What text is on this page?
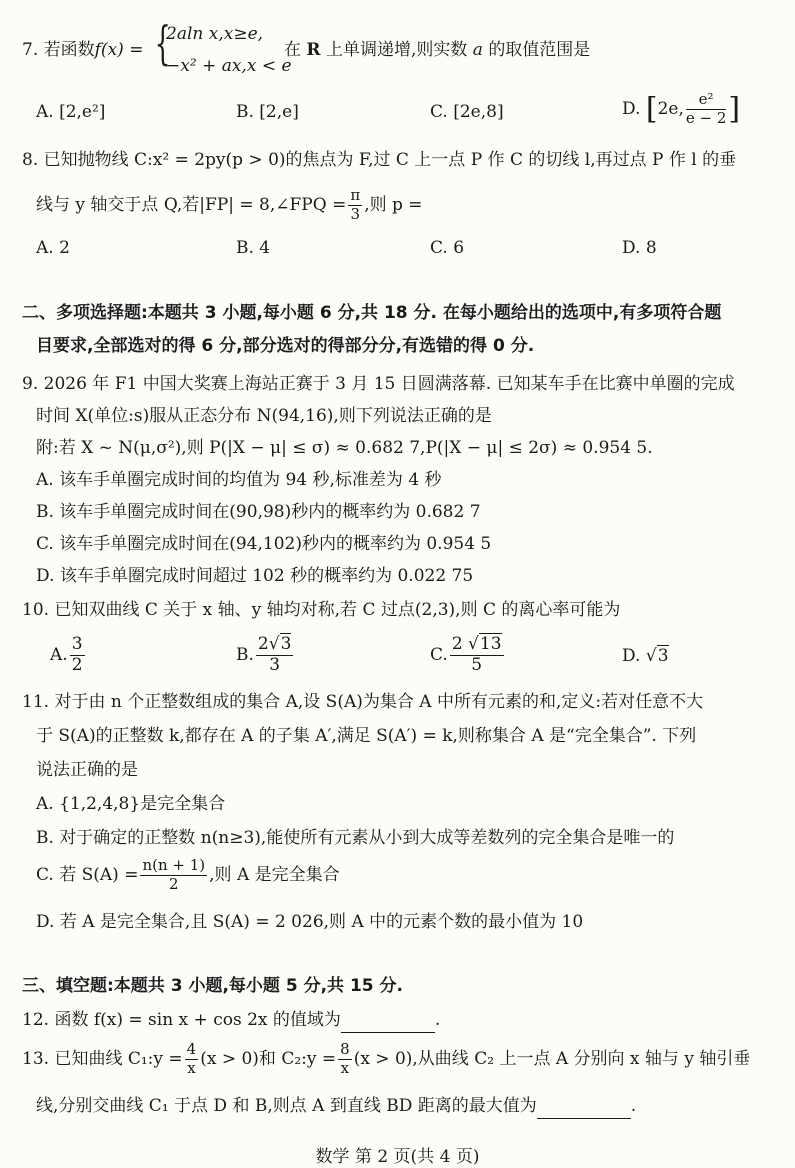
7. 若函数f(x) = {
2aln x,x≥e,
−x² + ax,x < e
在 R 上单调递增,则实数 a 的取值范围是
A. [2,e²]	B. [2,e]	C. [2e,8]	D. [2e, $\frac{\text{e²}}{e - 2}$ ]
8. 已知抛物线 C:x² = 2py(p > 0)的焦点为 F,过 C 上一点 P 作 C 的切线 l,再过点 P 作 l 的垂
线与 y 轴交于点 Q,若|FP| = 8,∠FPQ = $\frac{\pi}{3}$ ,则 p =
A. 2	B. 4	C. 6	D. 8
二、多项选择题:本题共 3 小题,每小题 6 分,共 18 分. 在每小题给出的选项中,有多项符合题
目要求,全部选对的得 6 分,部分选对的得部分分,有选错的得 0 分.
9. 2026 年 F1 中国大奖赛上海站正赛于 3 月 15 日圆满落幕. 已知某车手在比赛中单圈的完成
时间 X(单位:s)服从正态分布 N(94,16),则下列说法正确的是
附:若 X ~ N(μ,σ²),则 P(|X − μ| ≤ σ) ≈ 0.682 7,P(|X − μ| ≤ 2σ) ≈ 0.954 5.
A. 该车手单圈完成时间的均值为 94 秒,标准差为 4 秒
B. 该车手单圈完成时间在(90,98)秒内的概率约为 0.682 7
C. 该车手单圈完成时间在(94,102)秒内的概率约为 0.954 5
D. 该车手单圈完成时间超过 102 秒的概率约为 0.022 75
10. 已知双曲线 C 关于 x 轴、y 轴均对称,若 C 过点(2,3),则 C 的离心率可能为
A. $\frac{3}{2}$	B. $\frac{2√3}{3}$	C. $\frac{2 √13}{5}$	D. √3
11. 对于由 n 个正整数组成的集合 A,设 S(A)为集合 A 中所有元素的和,定义:若对任意不大
于 S(A)的正整数 k,都存在 A 的子集 A′,满足 S(A′) = k,则称集合 A 是“完全集合”. 下列
说法正确的是
A. {1,2,4,8}是完全集合
B. 对于确定的正整数 n(n≥3),能使所有元素从小到大成等差数列的完全集合是唯一的
C. 若 $S(A) = \frac{n(n + 1)}{2}$ ,则 A 是完全集合
D. 若 A 是完全集合,且 S(A) = 2 026,则 A 中的元素个数的最小值为 10
三、填空题:本题共 3 小题,每小题 5 分,共 15 分.
12. 函数 f(x) = sin x + cos 2x 的值域为	.
13. 已知曲线 C₁:y = $\frac{4}{x} (x > 0)$和 C₂:y = $\frac{8}{x} (x > 0)$,从曲线 C₂ 上一点 A 分别向 x 轴与 y 轴引垂
线,分别交曲线 C₁ 于点 D 和 B,则点 A 到直线 BD 距离的最大值为	.
数学 第 2 页(共 4 页)
